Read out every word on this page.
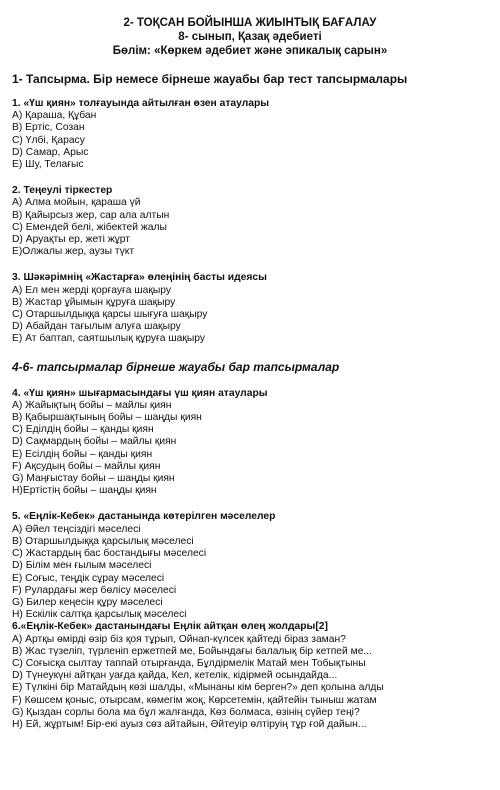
2- ТОҚСАН БОЙЫНША ЖИЫНТЫҚ БАҒАЛАУ
8- сынып, Қазақ әдебиеті
Бөлім: «Көркем әдебиет және эпикалық сарын»
1- Тапсырма. Бір немесе бірнеше жауабы бар тест тапсырмалары
1. «Үш қиян» толғауында айтылған өзен атаулары
А) Қараша, Құбан
В) Ертіс, Созан
С) Үлбі, Қарасу
D) Самар, Арыс
Е) Шу, Телағыс
2. Теңеулі тіркестер
А) Алма мойын, қараша үй
В) Қайырсыз жер, сар ала алтын
С) Емендей белі, жібектей жалы
D) Аруақты ер, жеті жұрт
Е)Олжалы жер, аузы түкт
3. Шәкәрімнің «Жастарға» өлеңінің басты идеясы
А) Ел мен жерді қорғауға шақыру
В) Жастар ұйымын құруға шақыру
С) Отаршылдыққа қарсы шығуға шақыру
D) Абайдан тағылым алуға шақыру
Е) Ат баптап, саятшылық құруға шақыру
4-6- тапсырмалар бірнеше жауабы бар тапсырмалар
4. «Үш қиян» шығармасындағы үш қиян атаулары
А) Жайықтың бойы – майлы қиян
В) Қабыршақтының бойы – шаңды қиян
С) Еділдің бойы – қанды қиян
D) Сақмардың бойы – майлы қиян
Е) Есілдің бойы – қанды қиян
F) Ақсудың бойы – майлы қиян
G) Маңғыстау бойы – шаңды қиян
Н)Ертістің бойы – шаңды қиян
5. «Еңлік-Кебек» дастанында көтерілген мәселелер
А) Әйел теңсіздігі мәселесі
В) Отаршылдыққа қарсылық мәселесі
С) Жастардың бас бостандығы мәселесі
D) Білім мен ғылым мәселесі
Е) Соғыс, теңдік сұрау мәселесі
F) Рулардағы жер бөлісу мәселесі
G) Билер кеңесін құру мәселесі
Н) Ескілік салтқа қарсылық мәселесі
6.«Еңлік-Кебек» дастанындағы Еңлік айтқан өлең жолдары[2]
А) Артқы өмірді өзір біз қоя тұрып, Ойнап-күлсек қайтеді біраз заман?
В) Жас түзеліп, түрленіп ержетпей ме, Бойындағы балалық бір кетпей ме...
С) Соғысқа сылтау таппай отырғанда, Бұлдірмелік Матай мен Тобықтыны
D) Түнеукүні айтқан уағда қайда, Кел, кетелік, кідірмей осындайда...
Е) Түлкіні бір Матайдың көзі шалды, «Мынаны кім берген?» деп қолына алды
F) Көшсем қоныс, отырсам, көмегім жоқ, Көрсетемін, қайтейін тыныш жатам
G) Қыздан сорлы бола ма бұл жалғанда, Көз болмаса, өзінің сүйер теңі?
Н) Ей, жұртым! Бір-екі ауыз сөз айтайын, Әйтеуір өлтіруің тұр ғой дайын...
